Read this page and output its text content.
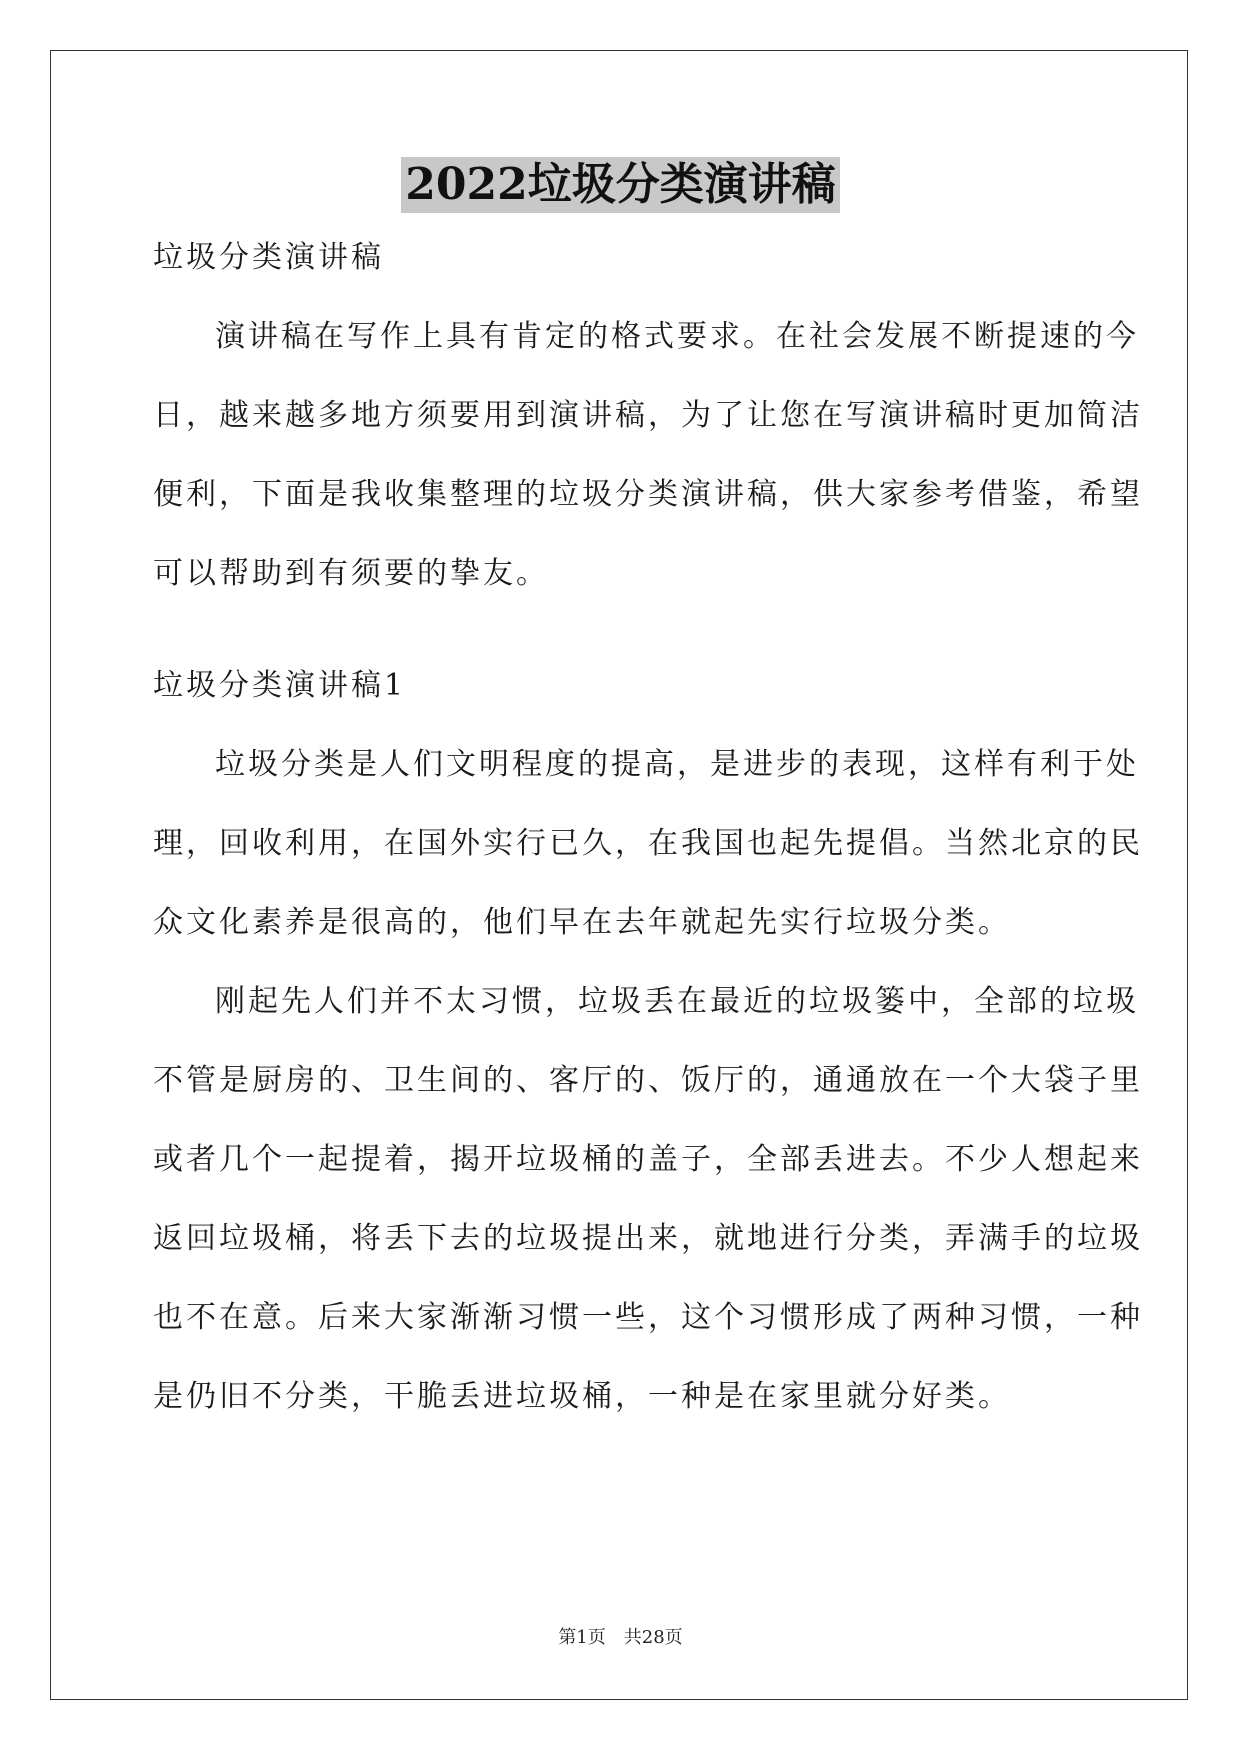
2022垃圾分类演讲稿
垃圾分类演讲稿
演讲稿在写作上具有肯定的格式要求。在社会发展不断提速的今
日，越来越多地方须要用到演讲稿，为了让您在写演讲稿时更加简洁
便利，下面是我收集整理的垃圾分类演讲稿，供大家参考借鉴，希望
可以帮助到有须要的挚友。
垃圾分类演讲稿1
垃圾分类是人们文明程度的提高，是进步的表现，这样有利于处
理，回收利用，在国外实行已久，在我国也起先提倡。当然北京的民
众文化素养是很高的，他们早在去年就起先实行垃圾分类。
刚起先人们并不太习惯，垃圾丢在最近的垃圾篓中，全部的垃圾
不管是厨房的、卫生间的、客厅的、饭厅的，通通放在一个大袋子里
或者几个一起提着，揭开垃圾桶的盖子，全部丢进去。不少人想起来
返回垃圾桶，将丢下去的垃圾提出来，就地进行分类，弄满手的垃圾
也不在意。后来大家渐渐习惯一些，这个习惯形成了两种习惯，一种
是仍旧不分类，干脆丢进垃圾桶，一种是在家里就分好类。
第1页　共28页
